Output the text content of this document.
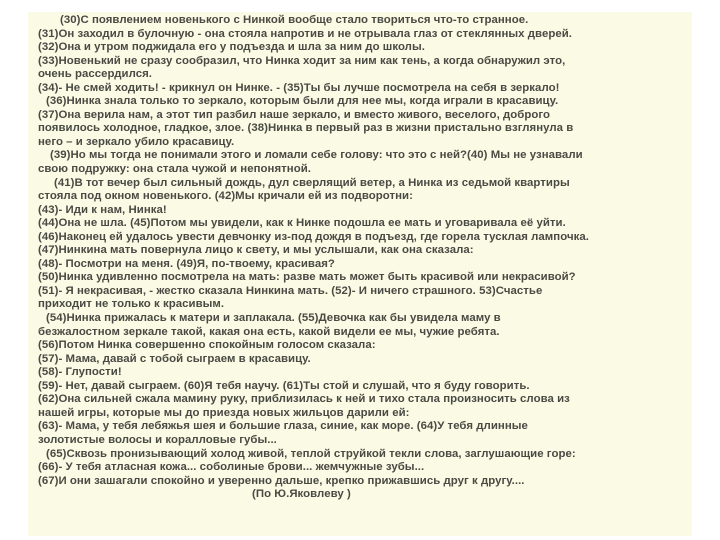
(30)С появлением новенького с Нинкой вообще стало твориться что-то странное.
(31)Он заходил в булочную - она стояла напротив и не отрывала глаз от стеклянных дверей.
(32)Она и утром поджидала его у подъезда и шла за ним до школы.
(33)Новенький не сразу сообразил, что Нинка ходит за ним как тень, а когда обнаружил это,
очень рассердился.
(34)- Не смей ходить! - крикнул он Нинке. - (35)Ты бы лучше посмотрела на себя в зеркало!
(36)Нинка знала только то зеркало, которым были для нее мы, когда играли в красавицу.
(37)Она верила нам, а этот тип разбил наше зеркало, и вместо живого, веселого, доброго
появилось холодное, гладкое, злое. (38)Нинка в первый раз в жизни пристально взглянула в
него – и зеркало убило красавицу.
(39)Но мы тогда не понимали этого и ломали себе голову: что это с ней?(40) Мы не узнавали
свою подружку: она стала чужой и непонятной.
(41)В тот вечер был сильный дождь, дул сверлящий ветер, а Нинка из седьмой квартиры
стояла под окном новенького. (42)Мы кричали ей из подворотни:
(43)- Иди к нам, Нинка!
(44)Она не шла. (45)Потом мы увидели, как к Нинке подошла ее мать и уговаривала её уйти.
(46)Наконец ей удалось увести девчонку из-под дождя в подъезд, где горела тусклая лампочка.
(47)Нинкина мать повернула лицо к свету, и мы услышали, как она сказала:
(48)- Посмотри на меня. (49)Я, по-твоему, красивая?
(50)Нинка удивленно посмотрела на мать: разве мать может быть красивой или некрасивой?
(51)- Я некрасивая, - жестко сказала Нинкина мать. (52)- И ничего страшного. 53)Счастье
приходит не только к красивым.
(54)Нинка прижалась к матери и заплакала. (55)Девочка как бы увидела маму в
безжалостном зеркале такой, какая она есть, какой видели ее мы, чужие ребята.
(56)Потом Нинка совершенно спокойным голосом сказала:
(57)- Мама, давай с тобой сыграем в красавицу.
(58)- Глупости!
(59)- Нет, давай сыграем. (60)Я тебя научу. (61)Ты стой и слушай, что я буду говорить.
(62)Она сильней сжала мамину руку, приблизилась к ней и тихо стала произносить слова из
нашей игры, которые мы до приезда новых жильцов дарили ей:
(63)- Мама, у тебя лебяжья шея и большие глаза, синие, как море. (64)У тебя длинные
золотистые волосы и коралловые губы...
(65)Сквозь пронизывающий холод живой, теплой струйкой текли слова, заглушающие горе:
(66)- У тебя атласная кожа... соболиные брови... жемчужные зубы...
(67)И они зашагали спокойно и уверенно дальше, крепко прижавшись друг к другу....
(По Ю.Яковлеву )
